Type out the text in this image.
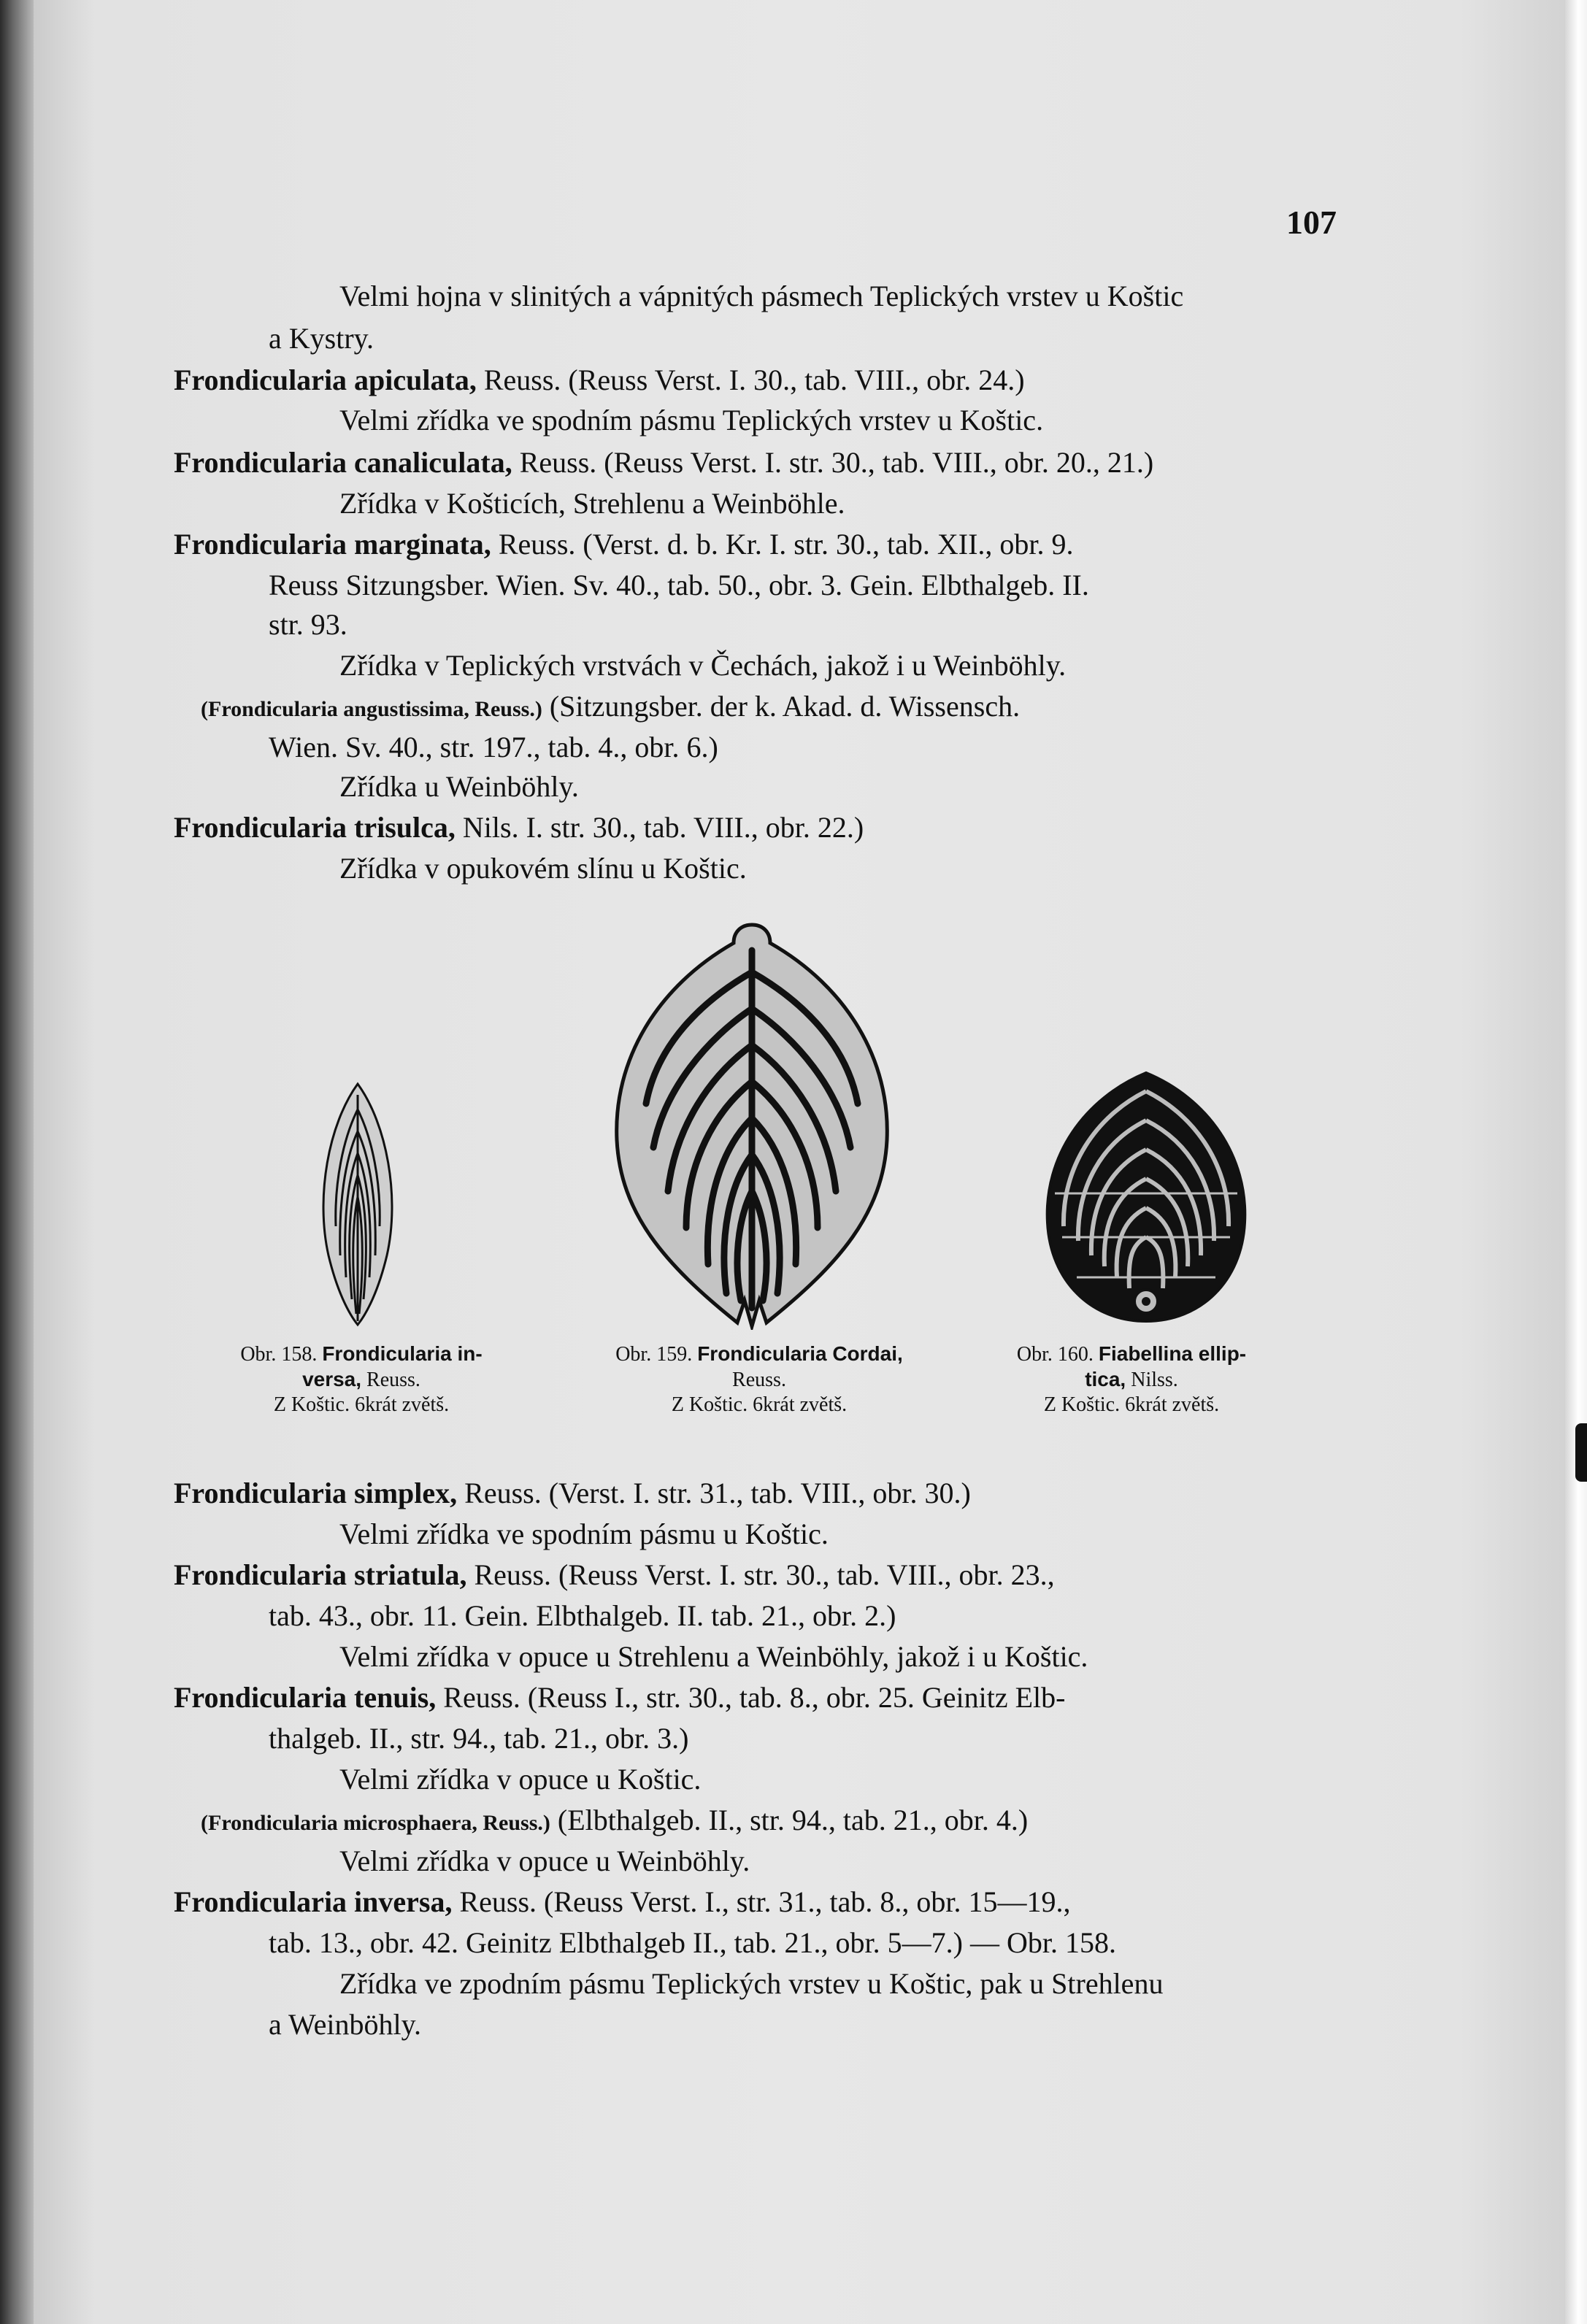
107
Velmi hojna v slinitých a vápnitých pásmech Teplických vrstev u Koštic
a Kystry.
Frondicularia apiculata, Reuss. (Reuss Verst. I. 30., tab. VIII., obr. 24.)
Velmi zřídka ve spodním pásmu Teplických vrstev u Koštic.
Frondicularia canaliculata, Reuss. (Reuss Verst. I. str. 30., tab. VIII., obr. 20., 21.)
Zřídka v Košticích, Strehlenu a Weinböhle.
Frondicularia marginata, Reuss. (Verst. d. b. Kr. I. str. 30., tab. XII., obr. 9.
Reuss Sitzungsber. Wien. Sv. 40., tab. 50., obr. 3. Gein. Elbthalgeb. II.
str. 93.
Zřídka v Teplických vrstvách v Čechách, jakož i u Weinböhly.
(Frondicularia angustissima, Reuss.) (Sitzungsber. der k. Akad. d. Wissensch.
Wien. Sv. 40., str. 197., tab. 4., obr. 6.)
Zřídka u Weinböhly.
Frondicularia trisulca, Nils. I. str. 30., tab. VIII., obr. 22.)
Zřídka v opukovém slínu u Koštic.
Frondicularia simplex, Reuss. (Verst. I. str. 31., tab. VIII., obr. 30.)
Velmi zřídka ve spodním pásmu u Koštic.
Frondicularia striatula, Reuss. (Reuss Verst. I. str. 30., tab. VIII., obr. 23.,
tab. 43., obr. 11. Gein. Elbthalgeb. II. tab. 21., obr. 2.)
Velmi zřídka v opuce u Strehlenu a Weinböhly, jakož i u Koštic.
Frondicularia tenuis, Reuss. (Reuss I., str. 30., tab. 8., obr. 25. Geinitz Elb-
thalgeb. II., str. 94., tab. 21., obr. 3.)
Velmi zřídka v opuce u Koštic.
(Frondicularia microsphaera, Reuss.) (Elbthalgeb. II., str. 94., tab. 21., obr. 4.)
Velmi zřídka v opuce u Weinböhly.
Frondicularia inversa, Reuss. (Reuss Verst. I., str. 31., tab. 8., obr. 15—19.,
tab. 13., obr. 42. Geinitz Elbthalgeb II., tab. 21., obr. 5—7.) — Obr. 158.
Zřídka ve zpodním pásmu Teplických vrstev u Koštic, pak u Strehlenu
a Weinböhly.
Obr. 158. Frondicularia in-
versa, Reuss.
Z Koštic. 6krát zvětš.
Obr. 159. Frondicularia Cordai,
Reuss.
Z Koštic. 6krát zvětš.
Obr. 160. Fiabellina ellip-
tica, Nilss.
Z Koštic. 6krát zvětš.
